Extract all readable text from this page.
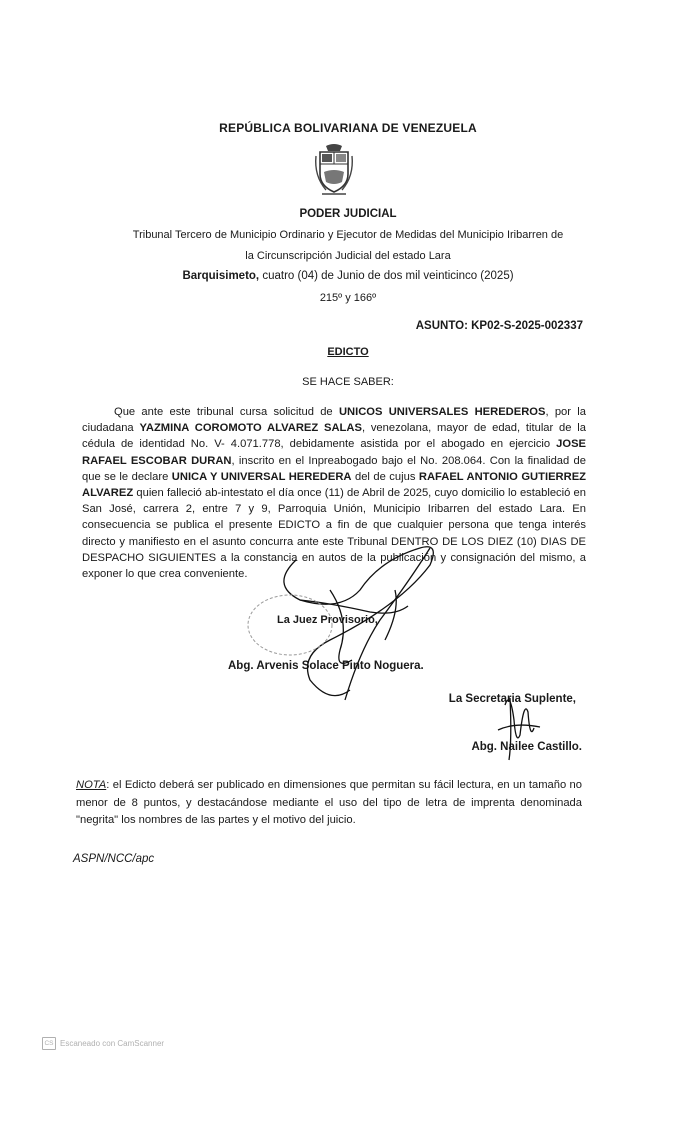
REPÚBLICA BOLIVARIANA DE VENEZUELA
PODER JUDICIAL
Tribunal Tercero de Municipio Ordinario y Ejecutor de Medidas del Municipio Iribarren de
la Circunscripción Judicial del estado Lara
Barquisimeto, cuatro (04) de Junio de dos mil veinticinco (2025)
215º y 166º
ASUNTO: KP02-S-2025-002337
EDICTO
SE HACE SABER:

Que ante este tribunal cursa solicitud de UNICOS UNIVERSALES HEREDEROS, por la ciudadana YAZMINA COROMOTO ALVAREZ SALAS, venezolana, mayor de edad, titular de la cédula de identidad No. V- 4.071.778, debidamente asistida por el abogado en ejercicio JOSE RAFAEL ESCOBAR DURAN, inscrito en el Inpreabogado bajo el No. 208.064. Con la finalidad de que se le declare UNICA Y UNIVERSAL HEREDERA del de cujus RAFAEL ANTONIO GUTIERREZ ALVAREZ quien falleció ab-intestato el día once (11) de Abril de 2025, cuyo domicilio lo estableció en San José, carrera 2, entre 7 y 9, Parroquia Unión, Municipio Iribarren del estado Lara. En consecuencia se publica el presente EDICTO a fin de que cualquier persona que tenga interés directo y manifiesto en el asunto concurra ante este Tribunal DENTRO DE LOS DIEZ (10) DIAS DE DESPACHO SIGUIENTES a la constancia en autos de la publicación y consignación del mismo, a exponer lo que crea conveniente.

La Juez Provisorio,
Abg. Arvenis Solace Pinto Noguera.
La Secretaria Suplente,
Abg. Nailee Castillo.
NOTA: el Edicto deberá ser publicado en dimensiones que permitan su fácil lectura, en un tamaño no menor de 8 puntos, y destacándose mediante el uso del tipo de letra de imprenta denominada "negrita" los nombres de las partes y el motivo del juicio.
ASPN/NCC/apc
CS Escaneado con CamScanner
